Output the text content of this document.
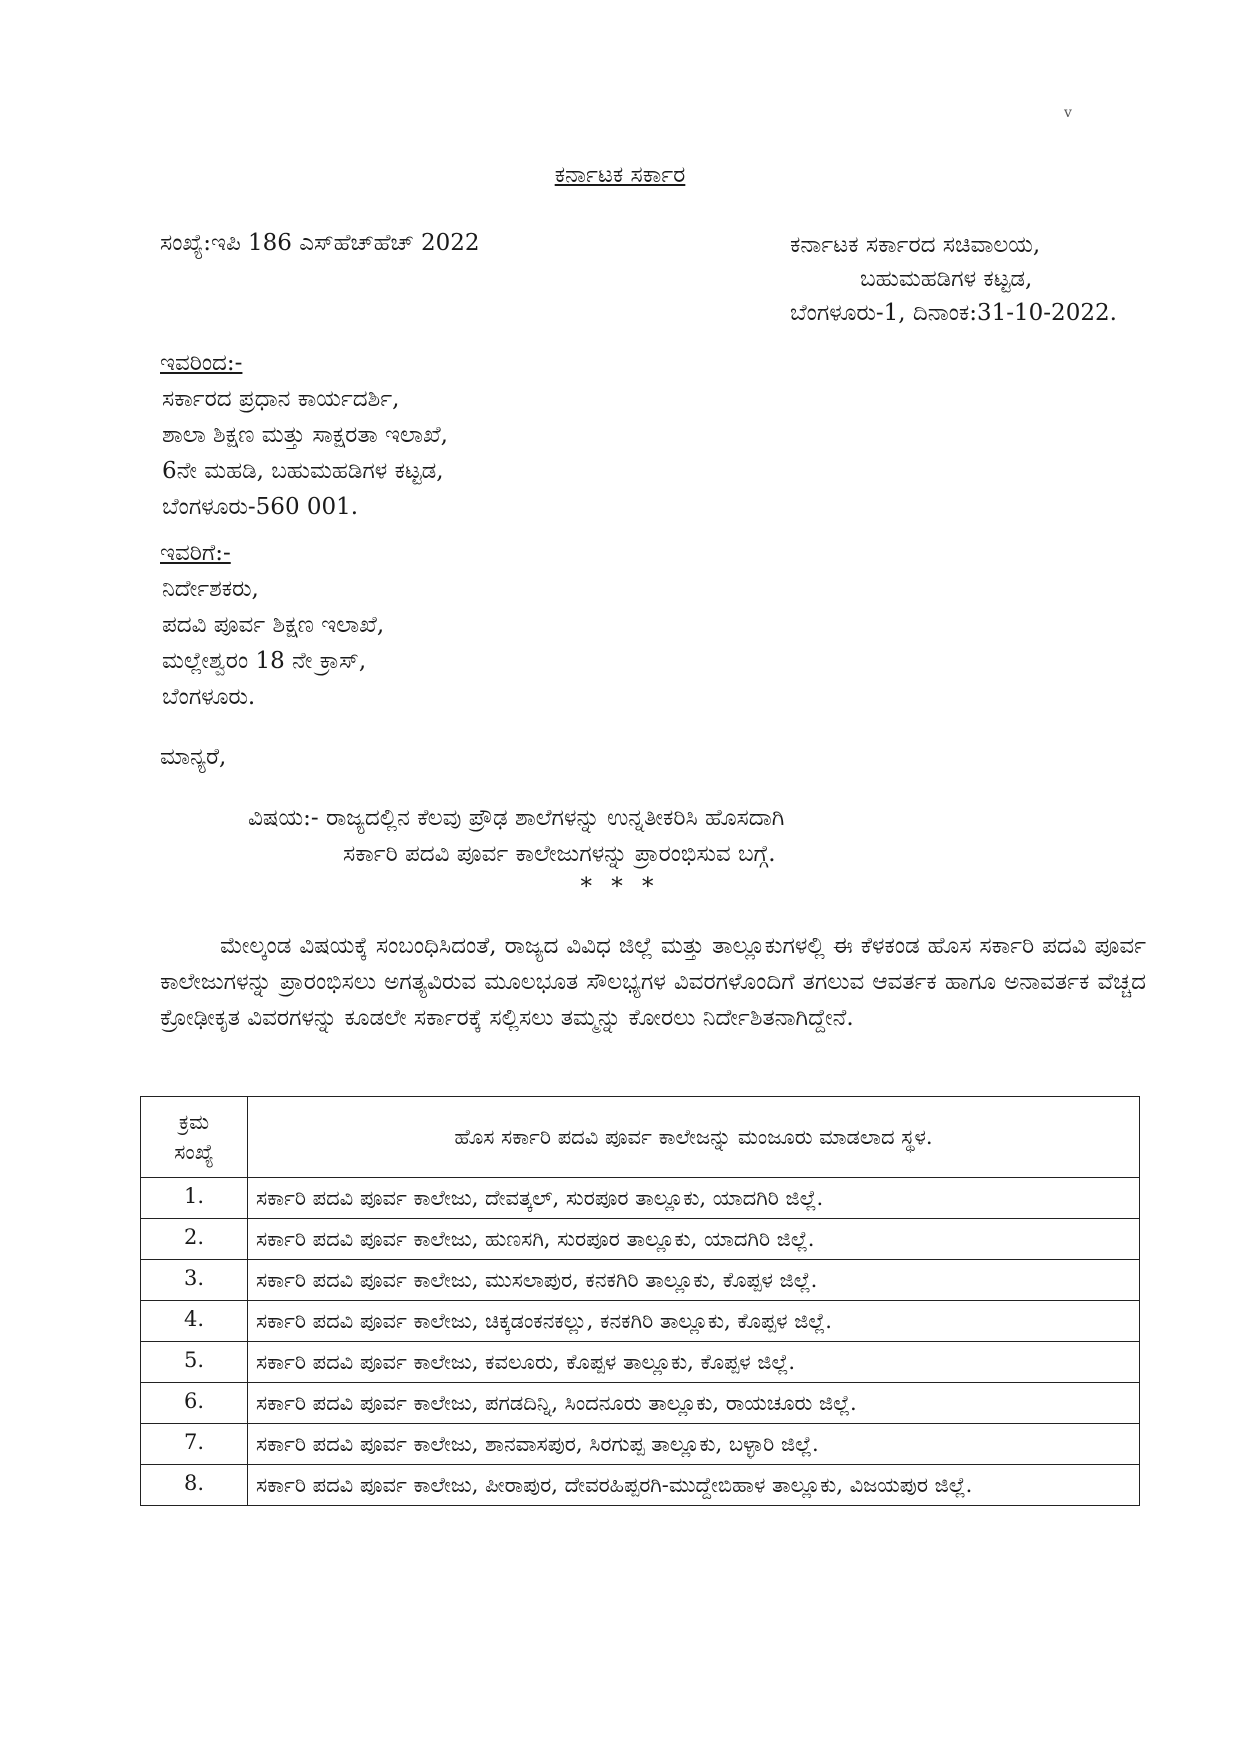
v
ಕರ್ನಾಟಕ ಸರ್ಕಾರ
ಸಂಖ್ಯೆ:ಇಪಿ 186 ಎಸ್‌ಹೆಚ್‌ಹೆಚ್ 2022	ಕರ್ನಾಟಕ ಸರ್ಕಾರದ ಸಚಿವಾಲಯ,
ಬಹುಮಹಡಿಗಳ ಕಟ್ಟಡ,
ಬೆಂಗಳೂರು-1, ದಿನಾಂಕ:31-10-2022.
ಇವರಿಂದ:-
ಸರ್ಕಾರದ ಪ್ರಧಾನ ಕಾರ್ಯದರ್ಶಿ,
ಶಾಲಾ ಶಿಕ್ಷಣ ಮತ್ತು ಸಾಕ್ಷರತಾ ಇಲಾಖೆ,
6ನೇ ಮಹಡಿ, ಬಹುಮಹಡಿಗಳ ಕಟ್ಟಡ,
ಬೆಂಗಳೂರು-560 001.
ಇವರಿಗೆ:-
ನಿರ್ದೇಶಕರು,
ಪದವಿ ಪೂರ್ವ ಶಿಕ್ಷಣ ಇಲಾಖೆ,
ಮಲ್ಲೇಶ್ವರಂ 18 ನೇ ಕ್ರಾಸ್,
ಬೆಂಗಳೂರು.
ಮಾನ್ಯರೆ,
ವಿಷಯ:- ರಾಜ್ಯದಲ್ಲಿನ ಕೆಲವು ಪ್ರೌಢ ಶಾಲೆಗಳನ್ನು ಉನ್ನತೀಕರಿಸಿ ಹೊಸದಾಗಿ
ಸರ್ಕಾರಿ ಪದವಿ ಪೂರ್ವ ಕಾಲೇಜುಗಳನ್ನು ಪ್ರಾರಂಭಿಸುವ ಬಗ್ಗೆ.
* * *
ಮೇಲ್ಕಂಡ ವಿಷಯಕ್ಕೆ ಸಂಬಂಧಿಸಿದಂತೆ, ರಾಜ್ಯದ ವಿವಿಧ ಜಿಲ್ಲೆ ಮತ್ತು ತಾಲ್ಲೂಕುಗಳಲ್ಲಿ ಈ ಕೆಳಕಂಡ ಹೊಸ ಸರ್ಕಾರಿ ಪದವಿ ಪೂರ್ವ ಕಾಲೇಜುಗಳನ್ನು ಪ್ರಾರಂಭಿಸಲು ಅಗತ್ಯವಿರುವ ಮೂಲಭೂತ ಸೌಲಭ್ಯಗಳ ವಿವರಗಳೊಂದಿಗೆ ತಗಲುವ ಆವರ್ತಕ ಹಾಗೂ ಅನಾವರ್ತಕ ವೆಚ್ಚದ ಕ್ರೋಢೀಕೃತ ವಿವರಗಳನ್ನು ಕೂಡಲೇ ಸರ್ಕಾರಕ್ಕೆ ಸಲ್ಲಿಸಲು ತಮ್ಮನ್ನು ಕೋರಲು ನಿರ್ದೇಶಿತನಾಗಿದ್ದೇನೆ.
ಕ್ರಮ
ಸಂಖ್ಯೆ	ಹೊಸ ಸರ್ಕಾರಿ ಪದವಿ ಪೂರ್ವ ಕಾಲೇಜನ್ನು ಮಂಜೂರು ಮಾಡಲಾದ ಸ್ಥಳ.
1.	ಸರ್ಕಾರಿ ಪದವಿ ಪೂರ್ವ ಕಾಲೇಜು, ದೇವತ್ಕಲ್, ಸುರಪೂರ ತಾಲ್ಲೂಕು, ಯಾದಗಿರಿ ಜಿಲ್ಲೆ.
2.	ಸರ್ಕಾರಿ ಪದವಿ ಪೂರ್ವ ಕಾಲೇಜು, ಹುಣಸಗಿ, ಸುರಪೂರ ತಾಲ್ಲೂಕು, ಯಾದಗಿರಿ ಜಿಲ್ಲೆ.
3.	ಸರ್ಕಾರಿ ಪದವಿ ಪೂರ್ವ ಕಾಲೇಜು, ಮುಸಲಾಪುರ, ಕನಕಗಿರಿ ತಾಲ್ಲೂಕು, ಕೊಪ್ಪಳ ಜಿಲ್ಲೆ.
4.	ಸರ್ಕಾರಿ ಪದವಿ ಪೂರ್ವ ಕಾಲೇಜು, ಚಿಕ್ಕಡಂಕನಕಲ್ಲು, ಕನಕಗಿರಿ ತಾಲ್ಲೂಕು, ಕೊಪ್ಪಳ ಜಿಲ್ಲೆ.
5.	ಸರ್ಕಾರಿ ಪದವಿ ಪೂರ್ವ ಕಾಲೇಜು, ಕವಲೂರು, ಕೊಪ್ಪಳ ತಾಲ್ಲೂಕು, ಕೊಪ್ಪಳ ಜಿಲ್ಲೆ.
6.	ಸರ್ಕಾರಿ ಪದವಿ ಪೂರ್ವ ಕಾಲೇಜು, ಪಗಡದಿನ್ನಿ, ಸಿಂದನೂರು ತಾಲ್ಲೂಕು, ರಾಯಚೂರು ಜಿಲ್ಲೆ.
7.	ಸರ್ಕಾರಿ ಪದವಿ ಪೂರ್ವ ಕಾಲೇಜು, ಶಾನವಾಸಪುರ, ಸಿರಗುಪ್ಪ ತಾಲ್ಲೂಕು, ಬಳ್ಳಾರಿ ಜಿಲ್ಲೆ.
8.	ಸರ್ಕಾರಿ ಪದವಿ ಪೂರ್ವ ಕಾಲೇಜು, ಪೀರಾಪುರ, ದೇವರಹಿಪ್ಪರಗಿ-ಮುದ್ದೇಬಿಹಾಳ ತಾಲ್ಲೂಕು, ವಿಜಯಪುರ ಜಿಲ್ಲೆ.
